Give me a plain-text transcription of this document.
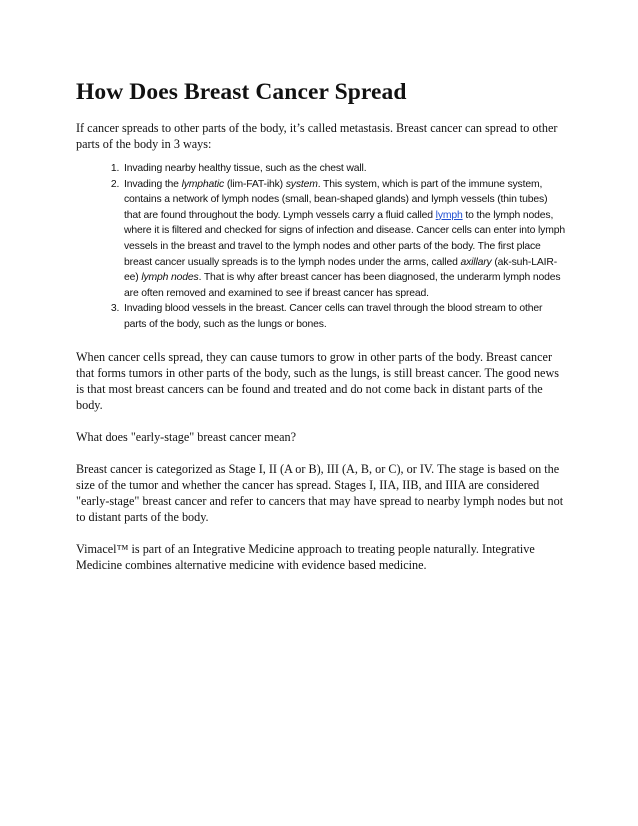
How Does Breast Cancer Spread

If cancer spreads to other parts of the body, it’s called metastasis. Breast cancer can spread to other parts of the body in 3 ways:

1. Invading nearby healthy tissue, such as the chest wall.
2. Invading the lymphatic (lim-FAT-ihk) system. This system, which is part of the immune system, contains a network of lymph nodes (small, bean-shaped glands) and lymph vessels (thin tubes) that are found throughout the body. Lymph vessels carry a fluid called lymph to the lymph nodes, where it is filtered and checked for signs of infection and disease. Cancer cells can enter into lymph vessels in the breast and travel to the lymph nodes and other parts of the body. The first place breast cancer usually spreads is to the lymph nodes under the arms, called axillary (ak-suh-LAIR-ee) lymph nodes. That is why after breast cancer has been diagnosed, the underarm lymph nodes are often removed and examined to see if breast cancer has spread.
3. Invading blood vessels in the breast. Cancer cells can travel through the blood stream to other parts of the body, such as the lungs or bones.

When cancer cells spread, they can cause tumors to grow in other parts of the body. Breast cancer that forms tumors in other parts of the body, such as the lungs, is still breast cancer. The good news is that most breast cancers can be found and treated and do not come back in distant parts of the body.

What does "early-stage" breast cancer mean?

Breast cancer is categorized as Stage I, II (A or B), III (A, B, or C), or IV. The stage is based on the size of the tumor and whether the cancer has spread. Stages I, IIA, IIB, and IIIA are considered "early-stage" breast cancer and refer to cancers that may have spread to nearby lymph nodes but not to distant parts of the body.

Vimacel™ is part of an Integrative Medicine approach to treating people naturally. Integrative Medicine combines alternative medicine with evidence based medicine.
